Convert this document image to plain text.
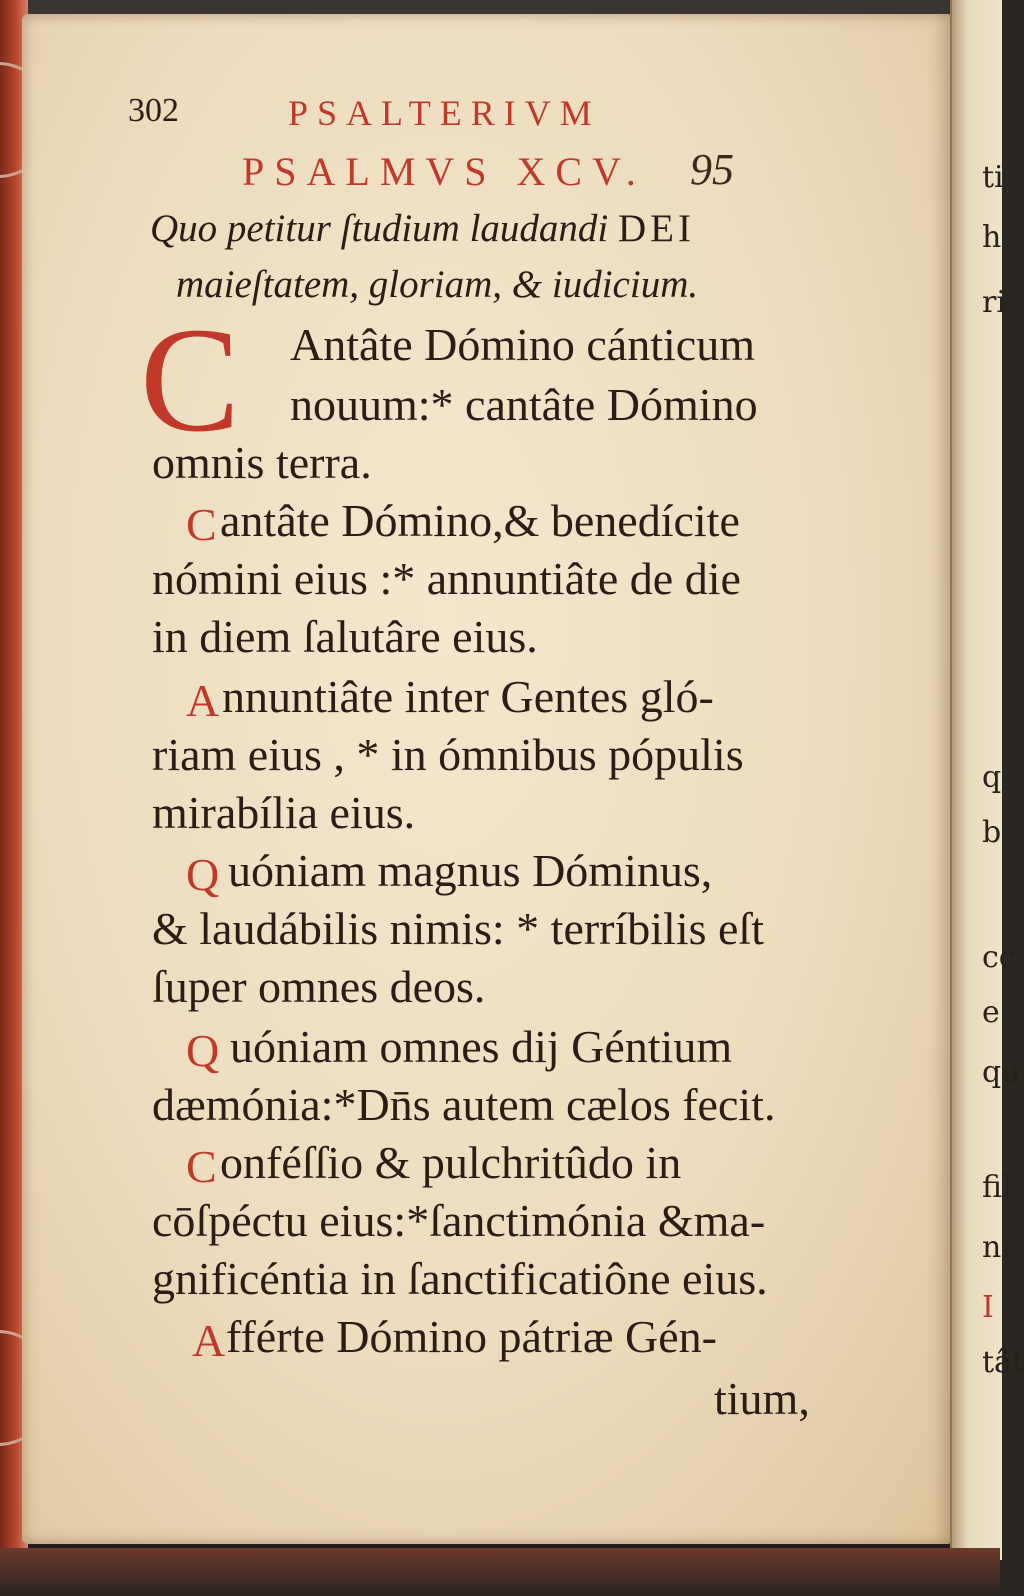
ti
h
ri
q
b
cc
e
qu
fil
ni
I
tât
302	PSALTERIVM
PSALMVS XCV. 95
Quo petitur ſtudium laudandi DEI
maieſtatem, gloriam, & iudicium.
C Antâte Dómino cánticum
nouum:* cantâte Dómino
omnis terra.
C antâte Dómino,& benedícite
nómini eius :* annuntiâte de die
in diem ſalutâre eius.
A nnuntiâte inter Gentes gló-
riam eius , * in ómnibus pópulis
mirabília eius.
Q uóniam magnus Dóminus,
& laudábilis nimis: * terríbilis eſt
ſuper omnes deos.
Q uóniam omnes dij Géntium
dæmónia:*Dn̄s autem cælos fecit.
C onféſſio & pulchritûdo in
cōſpéctu eius:*ſanctimónia &ma-
gnificéntia in ſanctificatiône eius.
A fférte Dómino pátriæ Gén-
tium,
